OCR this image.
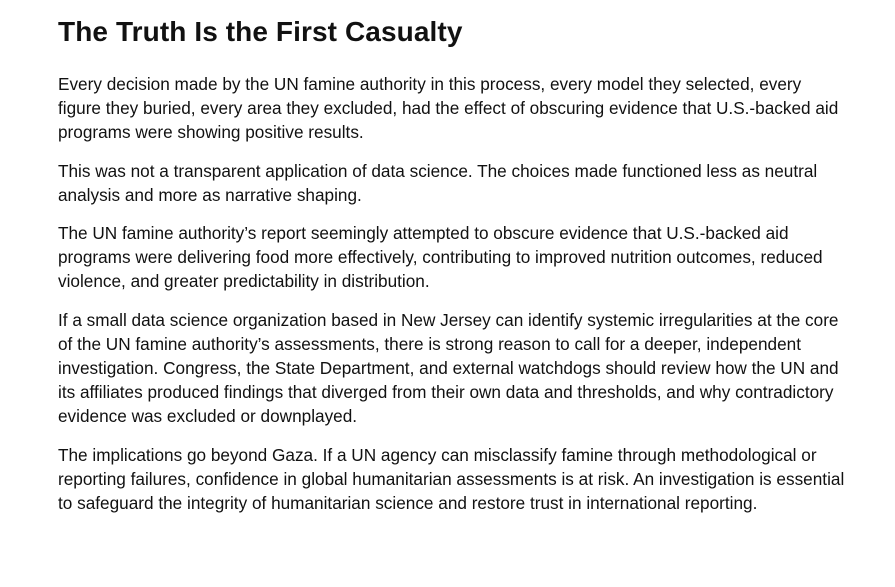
The Truth Is the First Casualty

Every decision made by the UN famine authority in this process, every model they selected, every figure they buried, every area they excluded, had the effect of obscuring evidence that U.S.-backed aid programs were showing positive results.

This was not a transparent application of data science. The choices made functioned less as neutral analysis and more as narrative shaping.

The UN famine authority’s report seemingly attempted to obscure evidence that U.S.-backed aid programs were delivering food more effectively, contributing to improved nutrition outcomes, reduced violence, and greater predictability in distribution.

If a small data science organization based in New Jersey can identify systemic irregularities at the core of the UN famine authority’s assessments, there is strong reason to call for a deeper, independent investigation. Congress, the State Department, and external watchdogs should review how the UN and its affiliates produced findings that diverged from their own data and thresholds, and why contradictory evidence was excluded or downplayed.

The implications go beyond Gaza. If a UN agency can misclassify famine through methodological or reporting failures, confidence in global humanitarian assessments is at risk. An investigation is essential to safeguard the integrity of humanitarian science and restore trust in international reporting.
